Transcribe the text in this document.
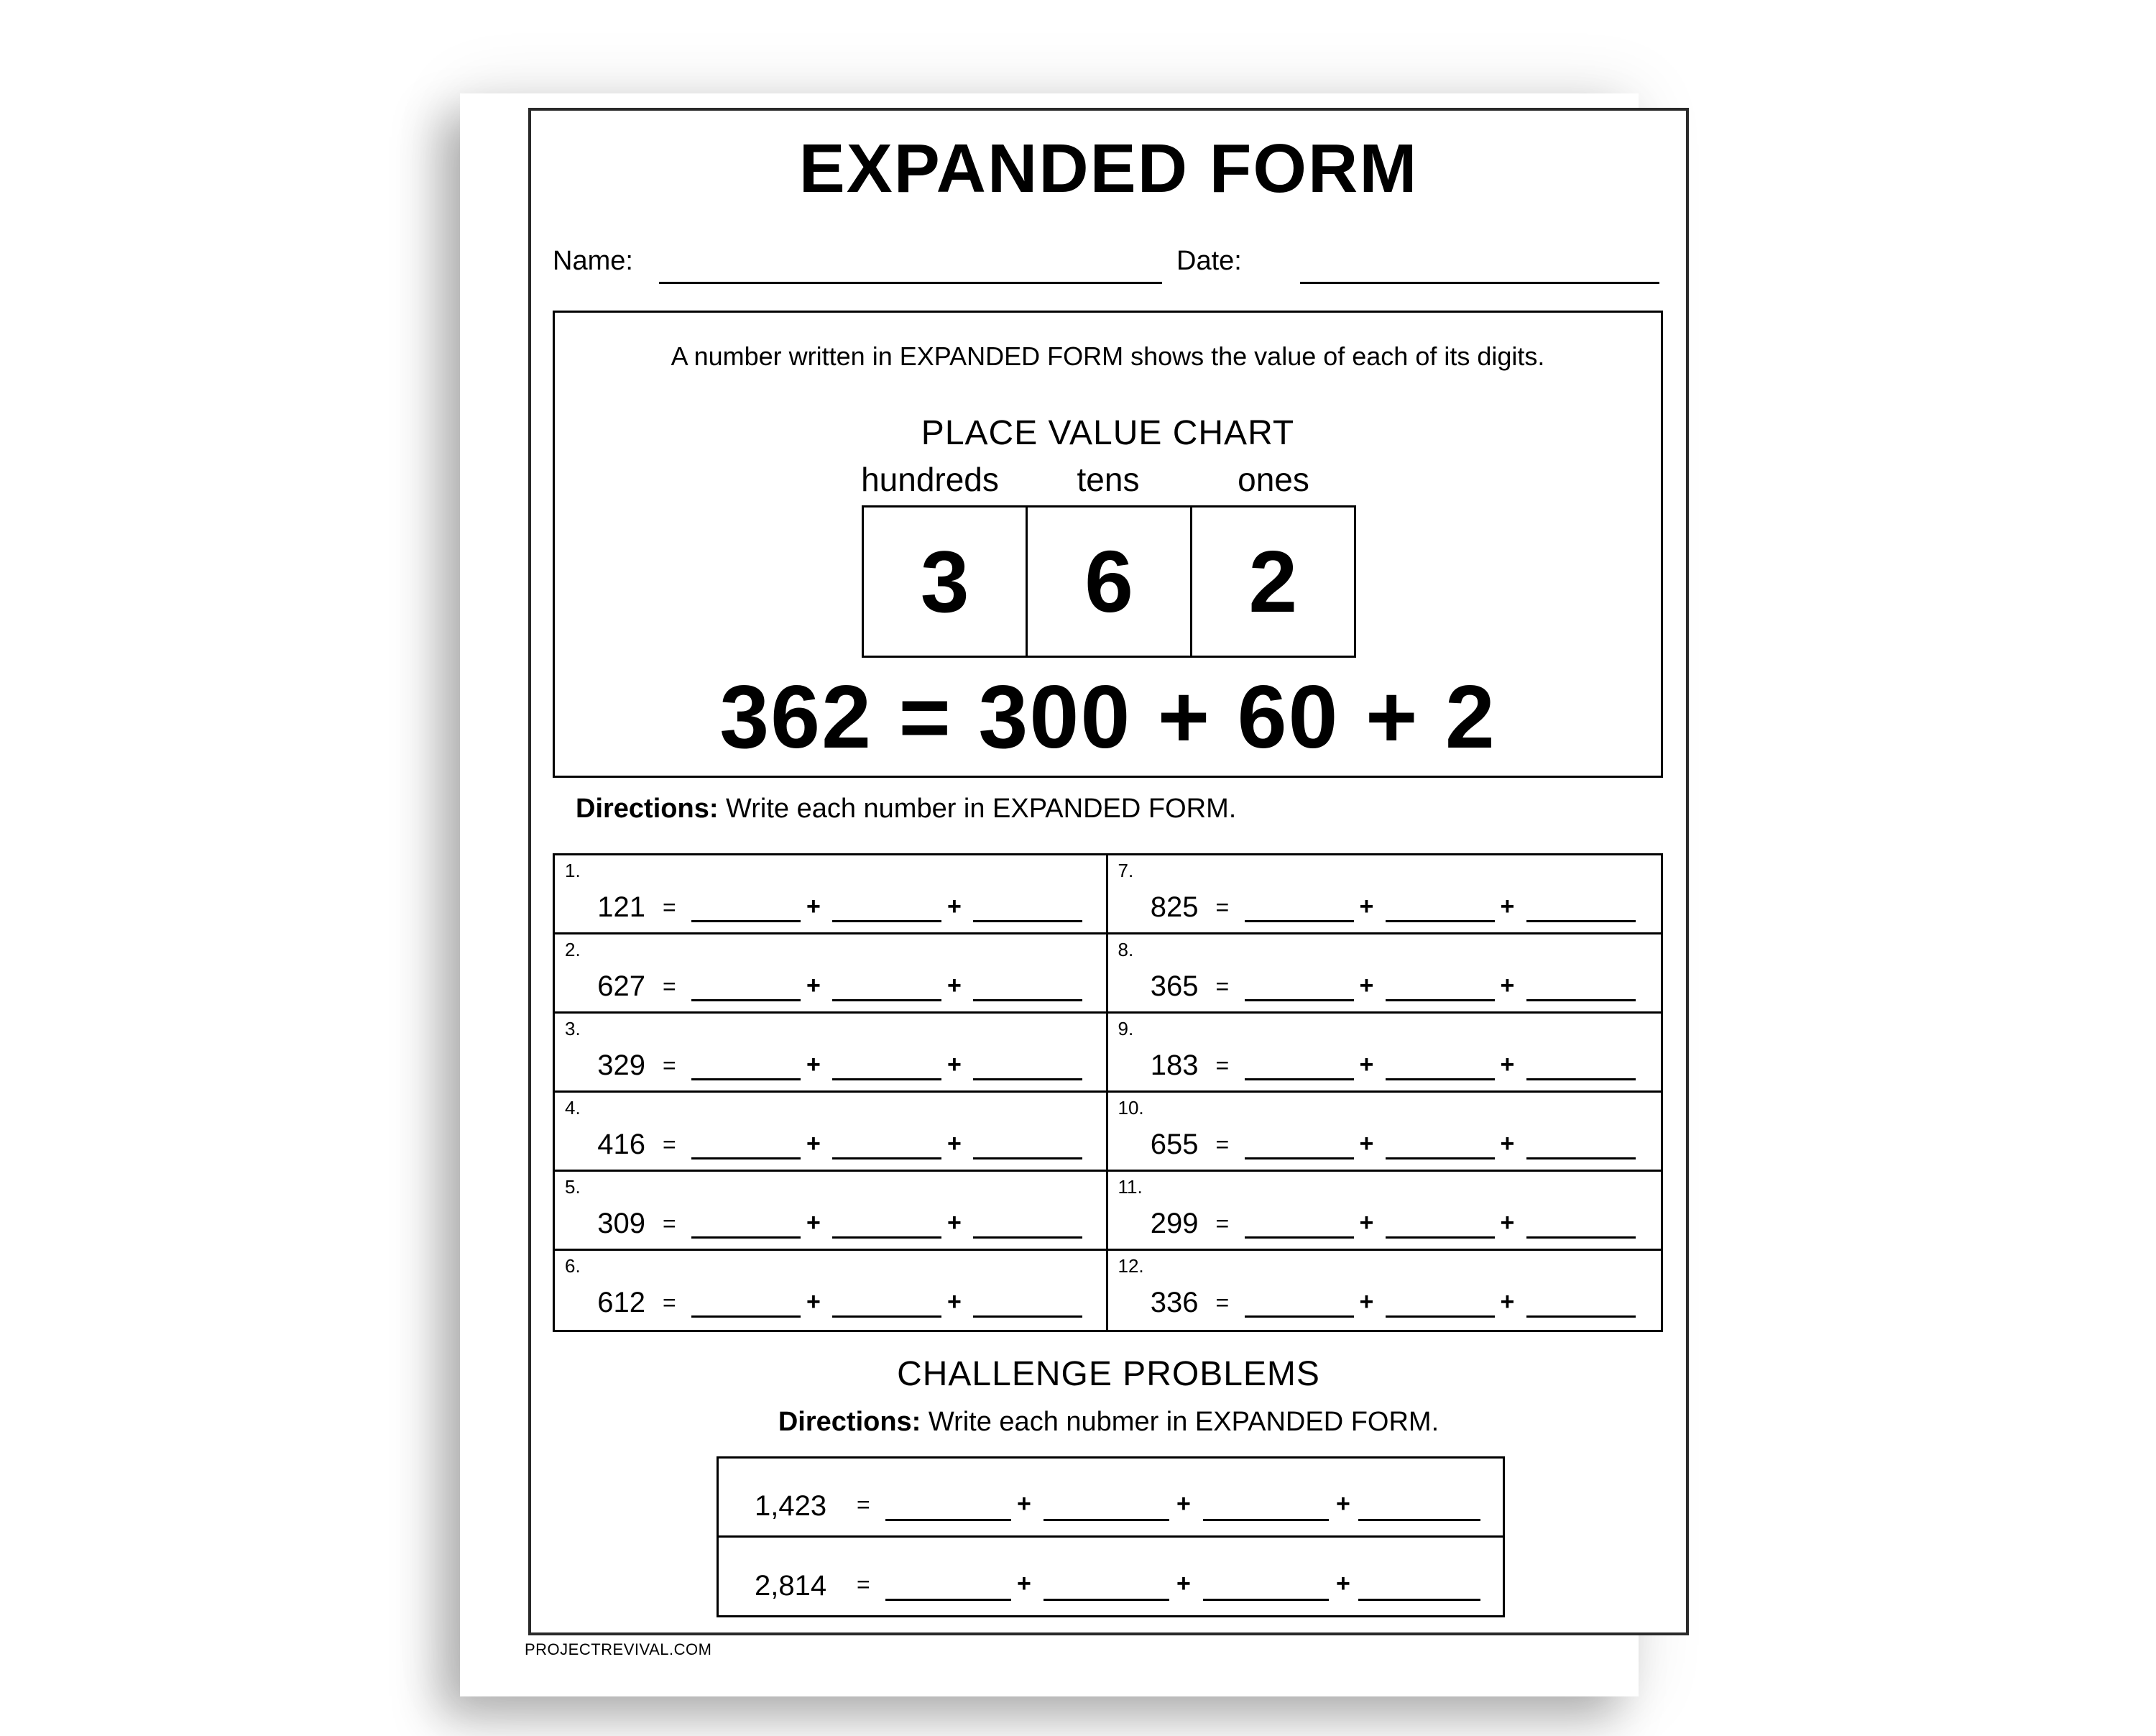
EXPANDED FORM
Name:	Date:
A number written in EXPANDED FORM shows the value of each of its digits.
PLACE VALUE CHART
hundreds	tens	ones
3	6	2
362 = 300 + 60 + 2
Directions: Write each number in EXPANDED FORM.
1.
121 =	+	+
2.
627 =	+	+
3.
329 =	+	+
4.
416 =	+	+
5.
309 =	+	+
6.
612 =	+	+
7.
825 =	+	+
8.
365 =	+	+
9.
183 =	+	+
10.
655 =	+	+
11.
299 =	+	+
12.
336 =	+	+
CHALLENGE PROBLEMS
Directions: Write each nubmer in EXPANDED FORM.
1,423 =	+	+	+
2,814 =	+	+	+
PROJECTREVIVAL.COM
